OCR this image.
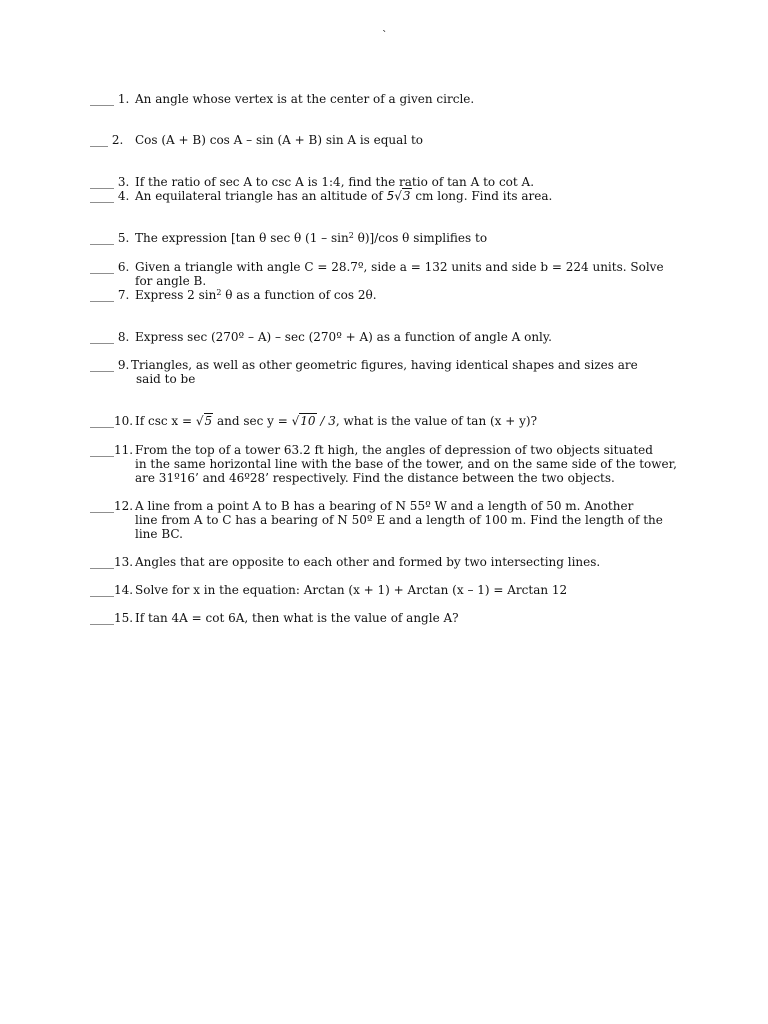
`
____ 1. An angle whose vertex is at the center of a given circle.
___ 2. Cos (A + B) cos A – sin (A + B) sin A is equal to
____ 3. If the ratio of sec A to csc A is 1:4, find the ratio of tan A to cot A.
____ 4. An equilateral triangle has an altitude of 5√3 cm long. Find its area.
____ 5. The expression [tan θ sec θ $(1 - \sin^2 \theta)]/\cos$ θ simplifies to
____ 6. Given a triangle with angle C = 28.7º, side a = 132 units and side b = 224 units. Solve
for angle B.
____ 7. Express 2 $\sin^2 \theta$ as a function of cos 2θ.
____ 8. Express sec (270º – A) – sec (270º + A) as a function of angle A only.
____ 9. Triangles, as well as other geometric figures, having identical shapes and sizes are
said to be
____10. If csc x = √5 and sec y = √10 / 3, what is the value of tan (x + y)?
____11. From the top of a tower 63.2 ft high, the angles of depression of two objects situated
in the same horizontal line with the base of the tower, and on the same side of the tower,
are 31º16’ and 46º28’ respectively. Find the distance between the two objects.
____12. A line from a point A to B has a bearing of N 55º W and a length of 50 m. Another
line from A to C has a bearing of N 50º E and a length of 100 m. Find the length of the
line BC.
____13. Angles that are opposite to each other and formed by two intersecting lines.
____14. Solve for x in the equation: Arctan (x + 1) + Arctan (x – 1) = Arctan 12
____15. If tan 4A = cot 6A, then what is the value of angle A?
